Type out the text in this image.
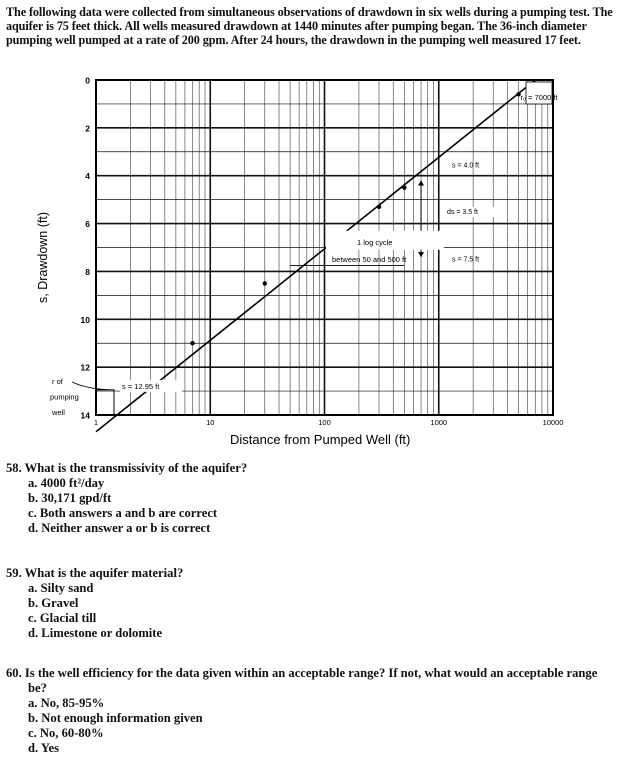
The following data were collected from simultaneous observations of drawdown in six wells during a pumping test. The aquifer is 75 feet thick. All wells measured drawdown at 1440 minutes after pumping began. The 36-inch diameter pumping well pumped at a rate of 200 gpm. After 24 hours, the drawdown in the pumping well measured 17 feet.
0
2
4
6
8
10
12
14
1	10	100	1000	10000
Distance from Pumped Well (ft)
s, Drawdown (ft)
r₀ = 7000 ft
s = 4.0 ft
ds = 3.5 ft
s = 7.5 ft
1 log cycle
between 50 and 500 ft
s = 12.95 ft
r of
pumping
well
58. What is the transmissivity of the aquifer?
a. 4000 ft²/day
b. 30,171 gpd/ft
c. Both answers a and b are correct
d. Neither answer a or b is correct
59. What is the aquifer material?
a. Silty sand
b. Gravel
c. Glacial till
d. Limestone or dolomite
60. Is the well efficiency for the data given within an acceptable range? If not, what would an acceptable range be?
a. No, 85-95%
b. Not enough information given
c. No, 60-80%
d. Yes
